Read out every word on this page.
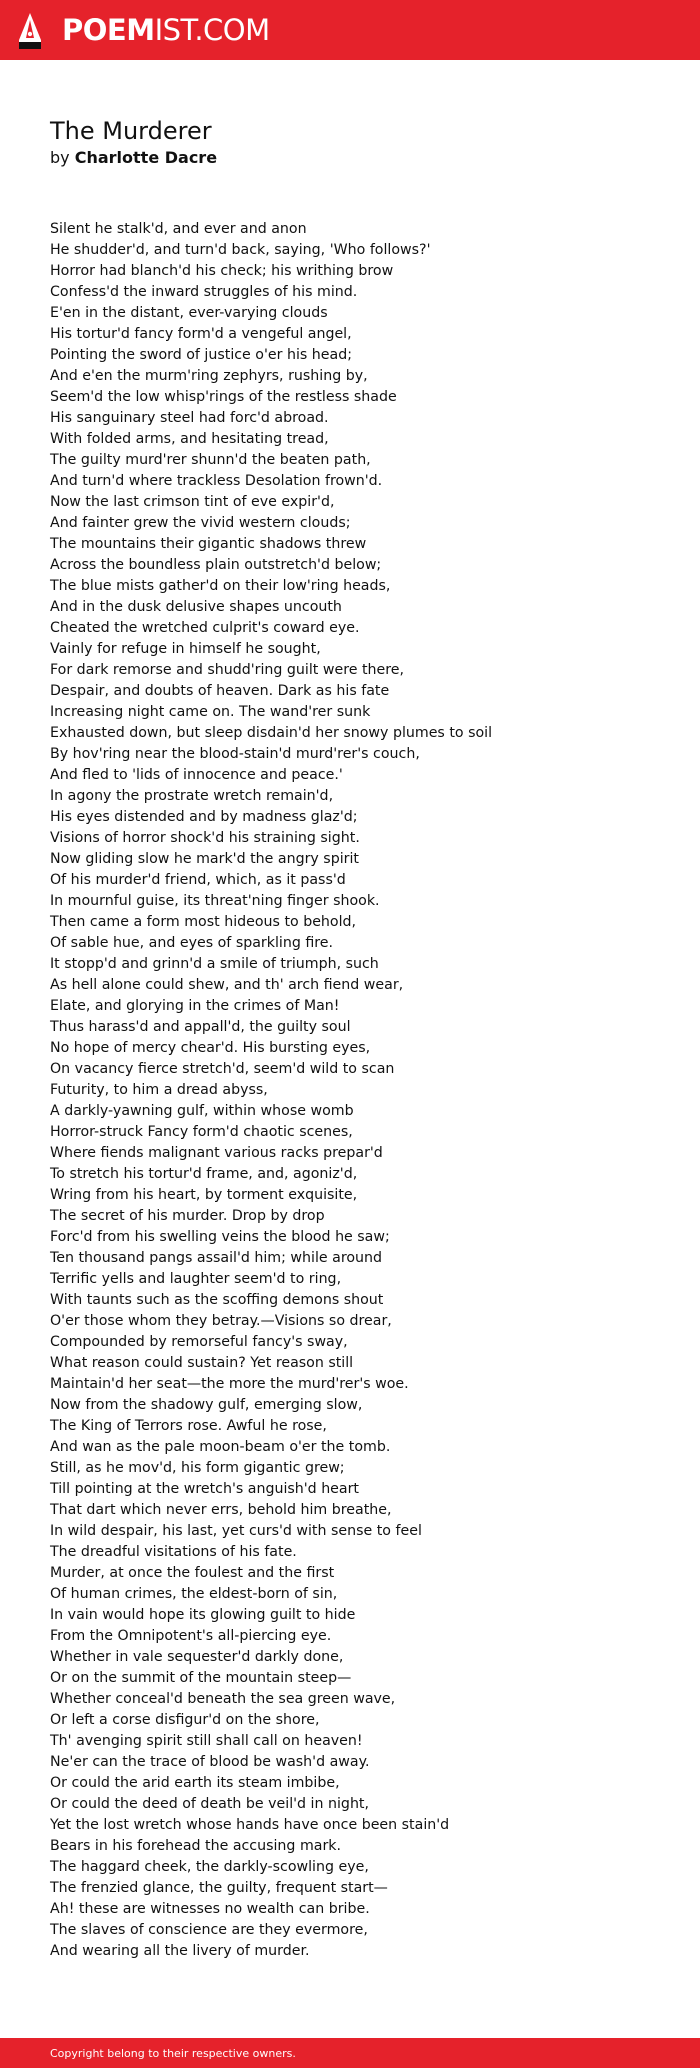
POEMIST.COM
The Murderer
by Charlotte Dacre
Silent he stalk'd, and ever and anon
He shudder'd, and turn'd back, saying, 'Who follows?'
Horror had blanch'd his check; his writhing brow
Confess'd the inward struggles of his mind.
E'en in the distant, ever-varying clouds
His tortur'd fancy form'd a vengeful angel,
Pointing the sword of justice o'er his head;
And e'en the murm'ring zephyrs, rushing by,
Seem'd the low whisp'rings of the restless shade
His sanguinary steel had forc'd abroad.
With folded arms, and hesitating tread,
The guilty murd'rer shunn'd the beaten path,
And turn'd where trackless Desolation frown'd.
Now the last crimson tint of eve expir'd,
And fainter grew the vivid western clouds;
The mountains their gigantic shadows threw
Across the boundless plain outstretch'd below;
The blue mists gather'd on their low'ring heads,
And in the dusk delusive shapes uncouth
Cheated the wretched culprit's coward eye.
Vainly for refuge in himself he sought,
For dark remorse and shudd'ring guilt were there,
Despair, and doubts of heaven. Dark as his fate
Increasing night came on. The wand'rer sunk
Exhausted down, but sleep disdain'd her snowy plumes to soil
By hov'ring near the blood-stain'd murd'rer's couch,
And fled to 'lids of innocence and peace.'
In agony the prostrate wretch remain'd,
His eyes distended and by madness glaz'd;
Visions of horror shock'd his straining sight.
Now gliding slow he mark'd the angry spirit
Of his murder'd friend, which, as it pass'd
In mournful guise, its threat'ning finger shook.
Then came a form most hideous to behold,
Of sable hue, and eyes of sparkling fire.
It stopp'd and grinn'd a smile of triumph, such
As hell alone could shew, and th' arch fiend wear,
Elate, and glorying in the crimes of Man!
Thus harass'd and appall'd, the guilty soul
No hope of mercy chear'd. His bursting eyes,
On vacancy fierce stretch'd, seem'd wild to scan
Futurity, to him a dread abyss,
A darkly-yawning gulf, within whose womb
Horror-struck Fancy form'd chaotic scenes,
Where fiends malignant various racks prepar'd
To stretch his tortur'd frame, and, agoniz'd,
Wring from his heart, by torment exquisite,
The secret of his murder. Drop by drop
Forc'd from his swelling veins the blood he saw;
Ten thousand pangs assail'd him; while around
Terrific yells and laughter seem'd to ring,
With taunts such as the scoffing demons shout
O'er those whom they betray.—Visions so drear,
Compounded by remorseful fancy's sway,
What reason could sustain? Yet reason still
Maintain'd her seat—the more the murd'rer's woe.
Now from the shadowy gulf, emerging slow,
The King of Terrors rose. Awful he rose,
And wan as the pale moon-beam o'er the tomb.
Still, as he mov'd, his form gigantic grew;
Till pointing at the wretch's anguish'd heart
That dart which never errs, behold him breathe,
In wild despair, his last, yet curs'd with sense to feel
The dreadful visitations of his fate.
Murder, at once the foulest and the first
Of human crimes, the eldest-born of sin,
In vain would hope its glowing guilt to hide
From the Omnipotent's all-piercing eye.
Whether in vale sequester'd darkly done,
Or on the summit of the mountain steep—
Whether conceal'd beneath the sea green wave,
Or left a corse disfigur'd on the shore,
Th' avenging spirit still shall call on heaven!
Ne'er can the trace of blood be wash'd away.
Or could the arid earth its steam imbibe,
Or could the deed of death be veil'd in night,
Yet the lost wretch whose hands have once been stain'd
Bears in his forehead the accusing mark.
The haggard cheek, the darkly-scowling eye,
The frenzied glance, the guilty, frequent start—
Ah! these are witnesses no wealth can bribe.
The slaves of conscience are they evermore,
And wearing all the livery of murder.
Copyright belong to their respective owners.
